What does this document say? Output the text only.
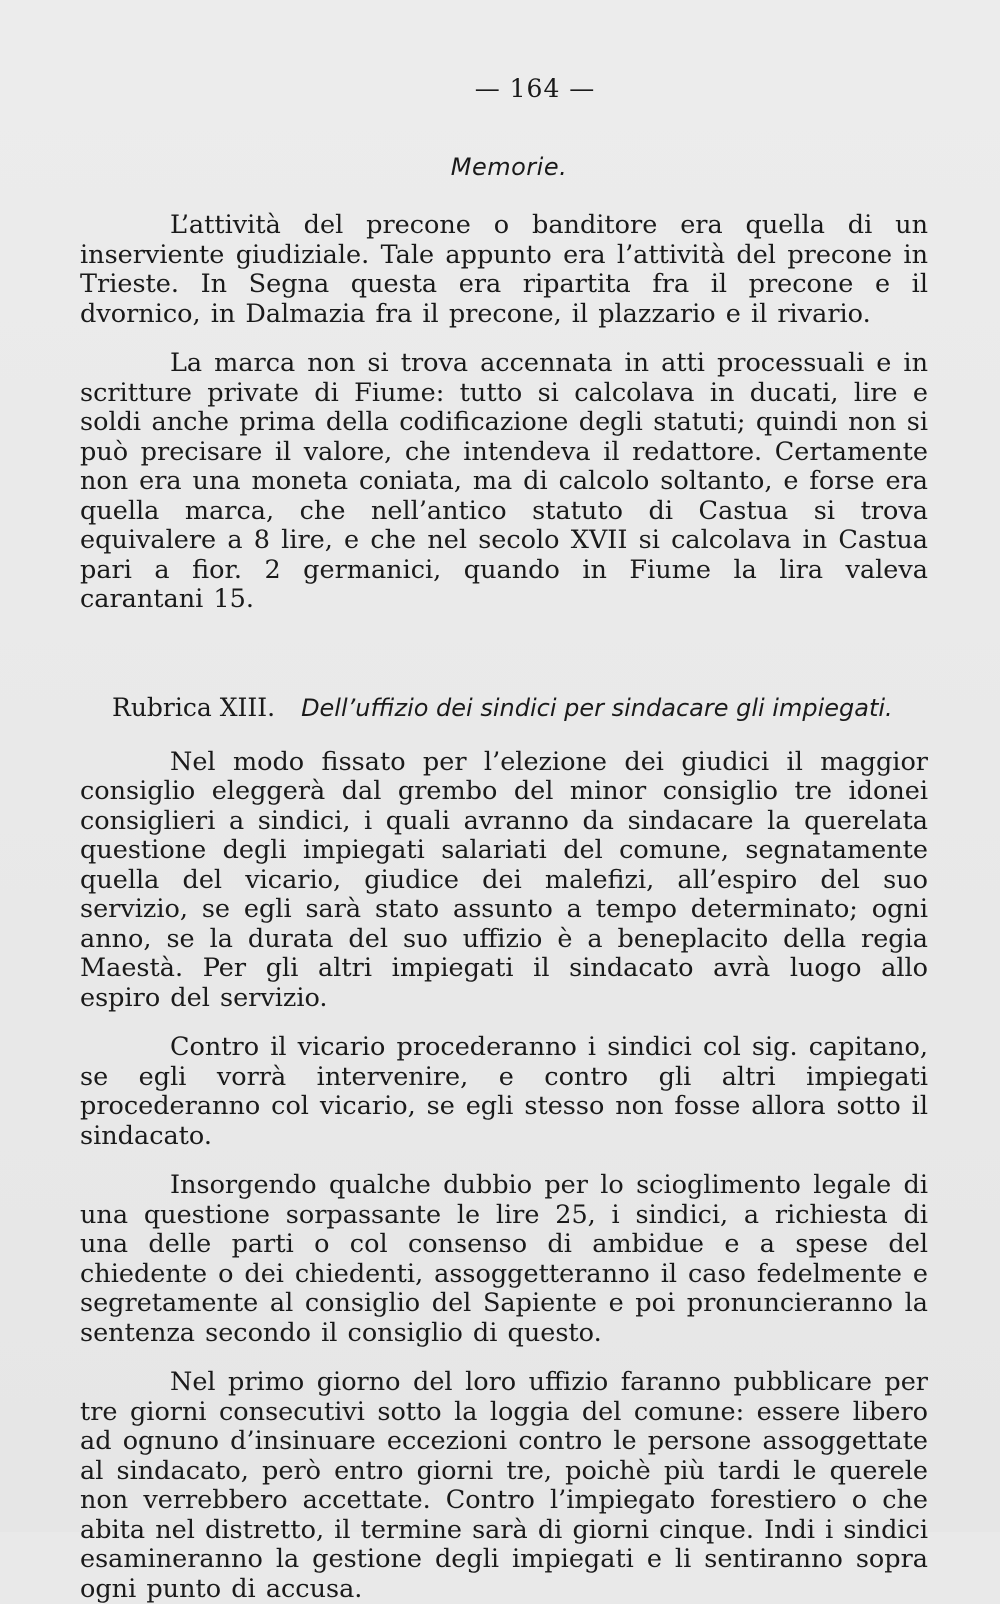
— 164 —
Memorie.

L’attività del precone o banditore era quella di un inserviente giudiziale. Tale appunto era l’attività del precone in Trieste. In Segna questa era ripartita fra il precone e il dvornico, in Dalmazia fra il precone, il plazzario e il rivario.

La marca non si trova accennata in atti processuali e in scritture private di Fiume: tutto si calcolava in ducati, lire e soldi anche prima della codificazione degli statuti; quindi non si può precisare il valore, che intendeva il redattore. Certamente non era una moneta coniata, ma di calcolo soltanto, e forse era quella marca, che nell’antico statuto di Castua si trova equivalere a 8 lire, e che nel secolo XVII si calcolava in Castua pari a fior. 2 germanici, quando in Fiume la lira valeva carantani 15.

Rubrica XIII. Dell’uffizio dei sindici per sindacare gli impiegati.

Nel modo fissato per l’elezione dei giudici il maggior consiglio eleggerà dal grembo del minor consiglio tre idonei consiglieri a sindici, i quali avranno da sindacare la querelata questione degli impiegati salariati del comune, segnatamente quella del vicario, giudice dei malefizi, all’espiro del suo servizio, se egli sarà stato assunto a tempo determinato; ogni anno, se la durata del suo uffizio è a beneplacito della regia Maestà. Per gli altri impiegati il sindacato avrà luogo allo espiro del servizio.

Contro il vicario procederanno i sindici col sig. capitano, se egli vorrà intervenire, e contro gli altri impiegati procederanno col vicario, se egli stesso non fosse allora sotto il sindacato.

Insorgendo qualche dubbio per lo scioglimento legale di una questione sorpassante le lire 25, i sindici, a richiesta di una delle parti o col consenso di ambidue e a spese del chiedente o dei chiedenti, assoggetteranno il caso fedelmente e segretamente al consiglio del Sapiente e poi pronuncieranno la sentenza secondo il consiglio di questo.

Nel primo giorno del loro uffizio faranno pubblicare per tre giorni consecutivi sotto la loggia del comune: essere libero ad ognuno d’insinuare eccezioni contro le persone assoggettate al sindacato, però entro giorni tre, poichè più tardi le querele non verrebbero accettate. Contro l’impiegato forestiero o che abita nel distretto, il termine sarà di giorni cinque. Indi i sindici esamineranno la gestione degli impiegati e li sentiranno sopra ogni punto di accusa.
